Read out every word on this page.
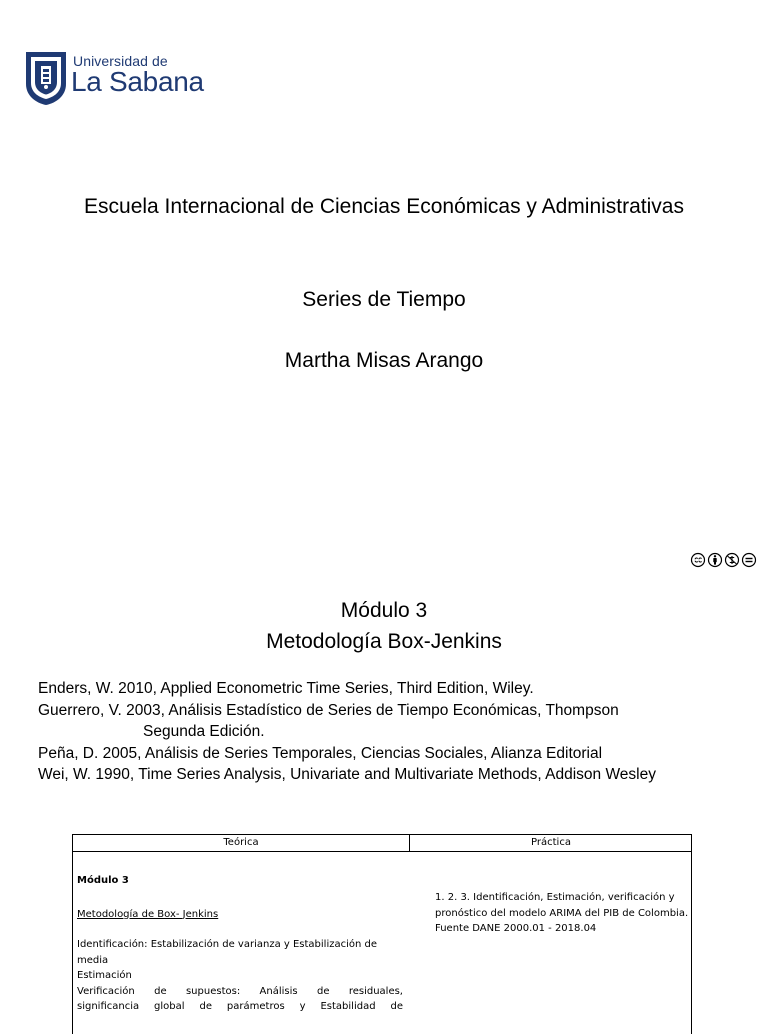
Universidad de
La Sabana
Escuela Internacional de Ciencias Económicas y Administrativas
Series de Tiempo
Martha Misas Arango
Módulo 3
Metodología Box-Jenkins
Enders, W. 2010, Applied Econometric Time Series, Third Edition, Wiley.
Guerrero, V. 2003, Análisis Estadístico de Series de Tiempo Económicas, Thompson
Segunda Edición.
Peña, D. 2005, Análisis de Series Temporales, Ciencias Sociales, Alianza Editorial
Wei, W. 1990, Time Series Analysis, Univariate and Multivariate Methods, Addison Wesley
Teórica	Práctica
Módulo 3
Metodología de Box- Jenkins
Identificación: Estabilización de varianza y Estabilización de media
Estimación
Verificación de supuestos: Análisis de residuales,
significancia global de parámetros y Estabilidad de
1. 2. 3. Identificación, Estimación, verificación y pronóstico del modelo ARIMA del PIB de Colombia. Fuente DANE 2000.01 - 2018.04
